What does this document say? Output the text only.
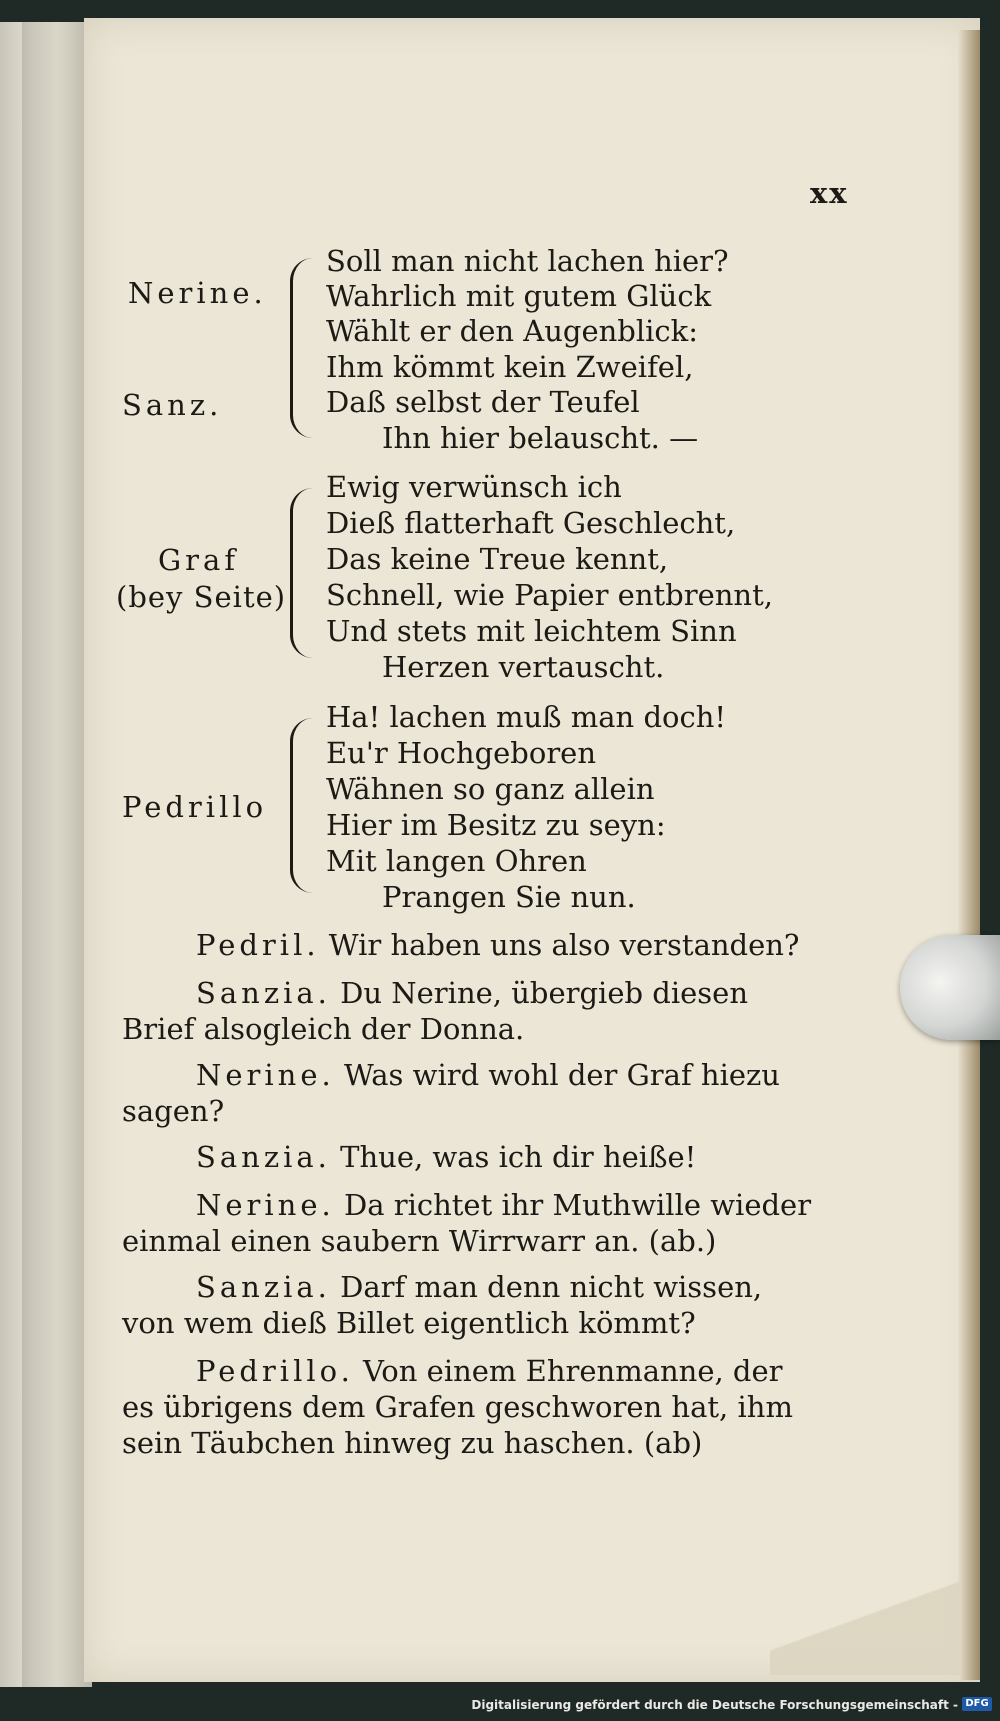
xx
Nerine.
Sanz.
Soll man nicht lachen hier?
Wahrlich mit gutem Glück
Wählt er den Augenblick:
Ihm kömmt kein Zweifel,
Daß selbst der Teufel
Ihn hier belauscht. —
Graf
(bey Seite)
Ewig verwünsch ich
Dieß flatterhaft Geschlecht,
Das keine Treue kennt,
Schnell, wie Papier entbrennt,
Und stets mit leichtem Sinn
Herzen vertauscht.
Pedrillo
Ha! lachen muß man doch!
Eu'r Hochgeboren
Wähnen so ganz allein
Hier im Besitz zu seyn:
Mit langen Ohren
Prangen Sie nun.
Pedril. Wir haben uns also verstanden?
Sanzia. Du Nerine, übergieb diesen
Brief alsogleich der Donna.
Nerine. Was wird wohl der Graf hiezu
sagen?
Sanzia. Thue, was ich dir heiße!
Nerine. Da richtet ihr Muthwille wieder
einmal einen saubern Wirrwarr an. (ab.)
Sanzia. Darf man denn nicht wissen,
von wem dieß Billet eigentlich kömmt?
Pedrillo. Von einem Ehrenmanne, der
es übrigens dem Grafen geschworen hat, ihm
sein Täubchen hinweg zu haschen. (ab)
Digitalisierung gefördert durch die Deutsche Forschungsgemeinschaft - DFG
